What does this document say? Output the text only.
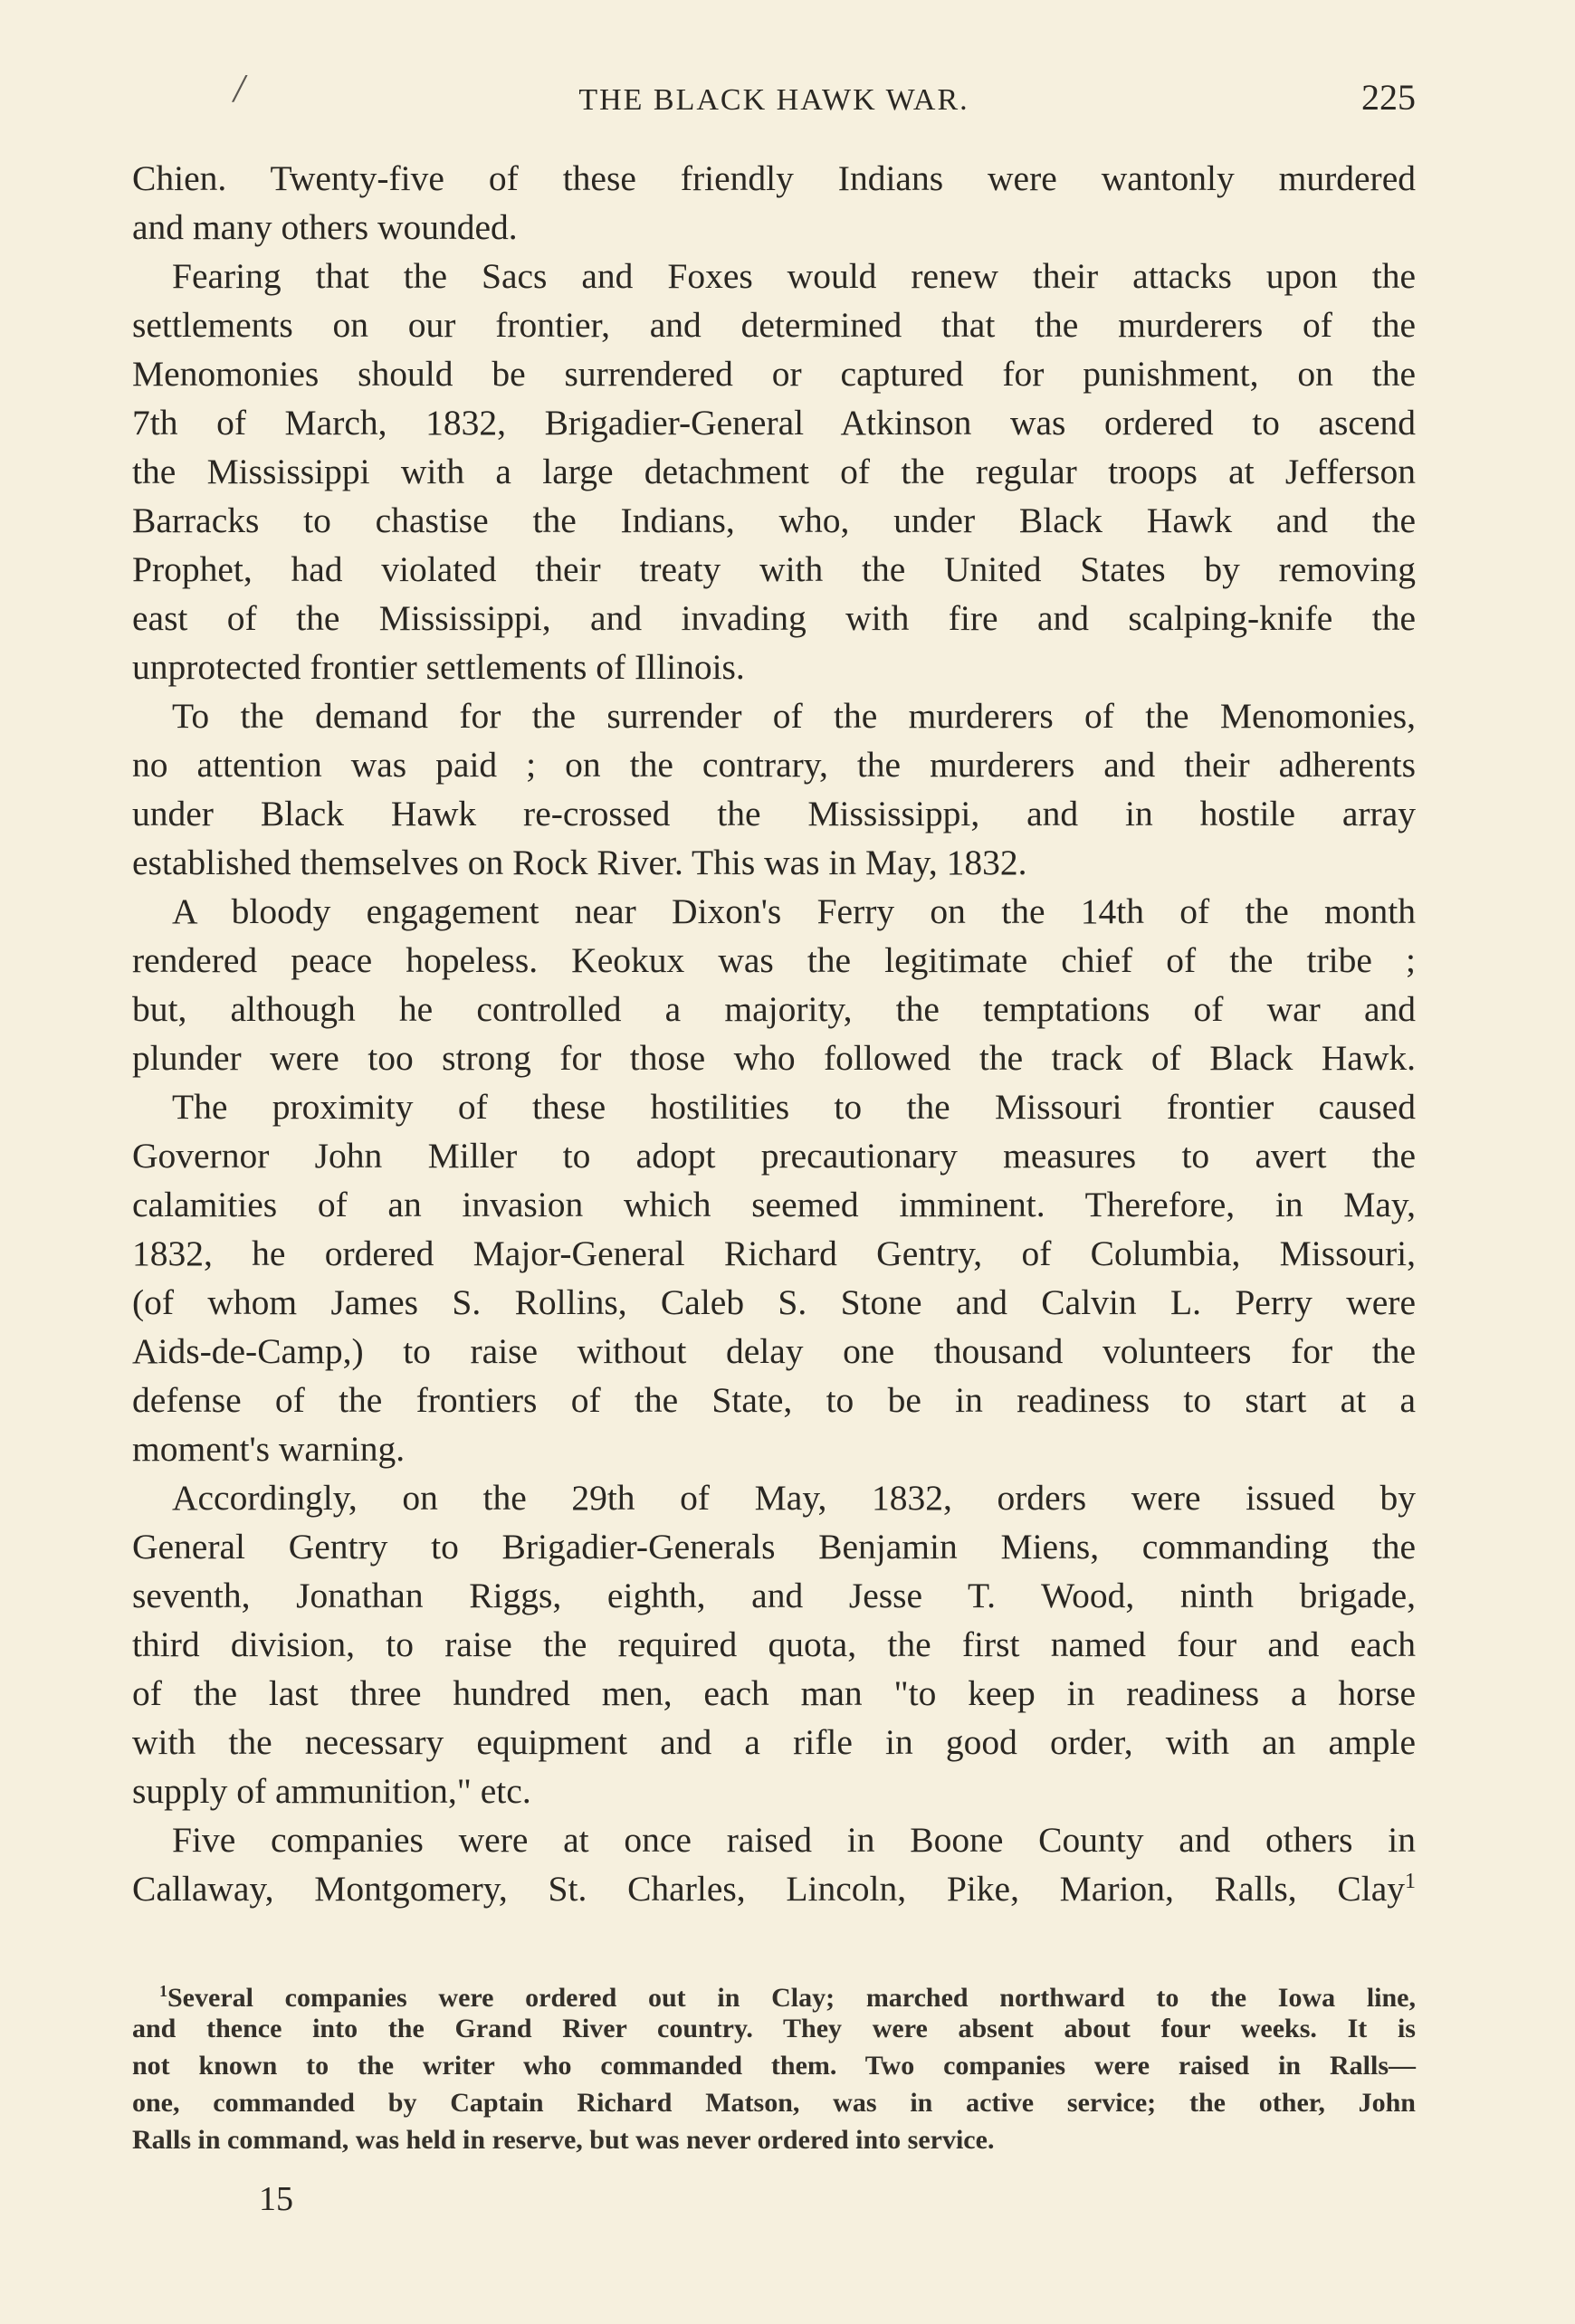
/	THE BLACK HAWK WAR.	225
Chien. Twenty-five of these friendly Indians were wantonly murdered
and many others wounded.
Fearing that the Sacs and Foxes would renew their attacks upon the
settlements on our frontier, and determined that the murderers of the
Menomonies should be surrendered or captured for punishment, on the
7th of March, 1832, Brigadier-General Atkinson was ordered to ascend
the Mississippi with a large detachment of the regular troops at Jefferson
Barracks to chastise the Indians, who, under Black Hawk and the
Prophet, had violated their treaty with the United States by removing
east of the Mississippi, and invading with fire and scalping-knife the
unprotected frontier settlements of Illinois.
To the demand for the surrender of the murderers of the Menomonies,
no attention was paid ; on the contrary, the murderers and their adherents
under Black Hawk re-crossed the Mississippi, and in hostile array
established themselves on Rock River. This was in May, 1832.
A bloody engagement near Dixon's Ferry on the 14th of the month
rendered peace hopeless. Keokux was the legitimate chief of the tribe ;
but, although he controlled a majority, the temptations of war and
plunder were too strong for those who followed the track of Black Hawk.
The proximity of these hostilities to the Missouri frontier caused
Governor John Miller to adopt precautionary measures to avert the
calamities of an invasion which seemed imminent. Therefore, in May,
1832, he ordered Major-General Richard Gentry, of Columbia, Missouri,
(of whom James S. Rollins, Caleb S. Stone and Calvin L. Perry were
Aids-de-Camp,) to raise without delay one thousand volunteers for the
defense of the frontiers of the State, to be in readiness to start at a
moment's warning.
Accordingly, on the 29th of May, 1832, orders were issued by
General Gentry to Brigadier-Generals Benjamin Miens, commanding the
seventh, Jonathan Riggs, eighth, and Jesse T. Wood, ninth brigade,
third division, to raise the required quota, the first named four and each
of the last three hundred men, each man "to keep in readiness a horse
with the necessary equipment and a rifle in good order, with an ample
supply of ammunition," etc.
Five companies were at once raised in Boone County and others in
Callaway, Montgomery, St. Charles, Lincoln, Pike, Marion, Ralls, Clay$^1$
$^1$Several companies were ordered out in Clay; marched northward to the Iowa line,
and thence into the Grand River country. They were absent about four weeks. It is
not known to the writer who commanded them. Two companies were raised in Ralls—
one, commanded by Captain Richard Matson, was in active service; the other, John
Ralls in command, was held in reserve, but was never ordered into service.
15
